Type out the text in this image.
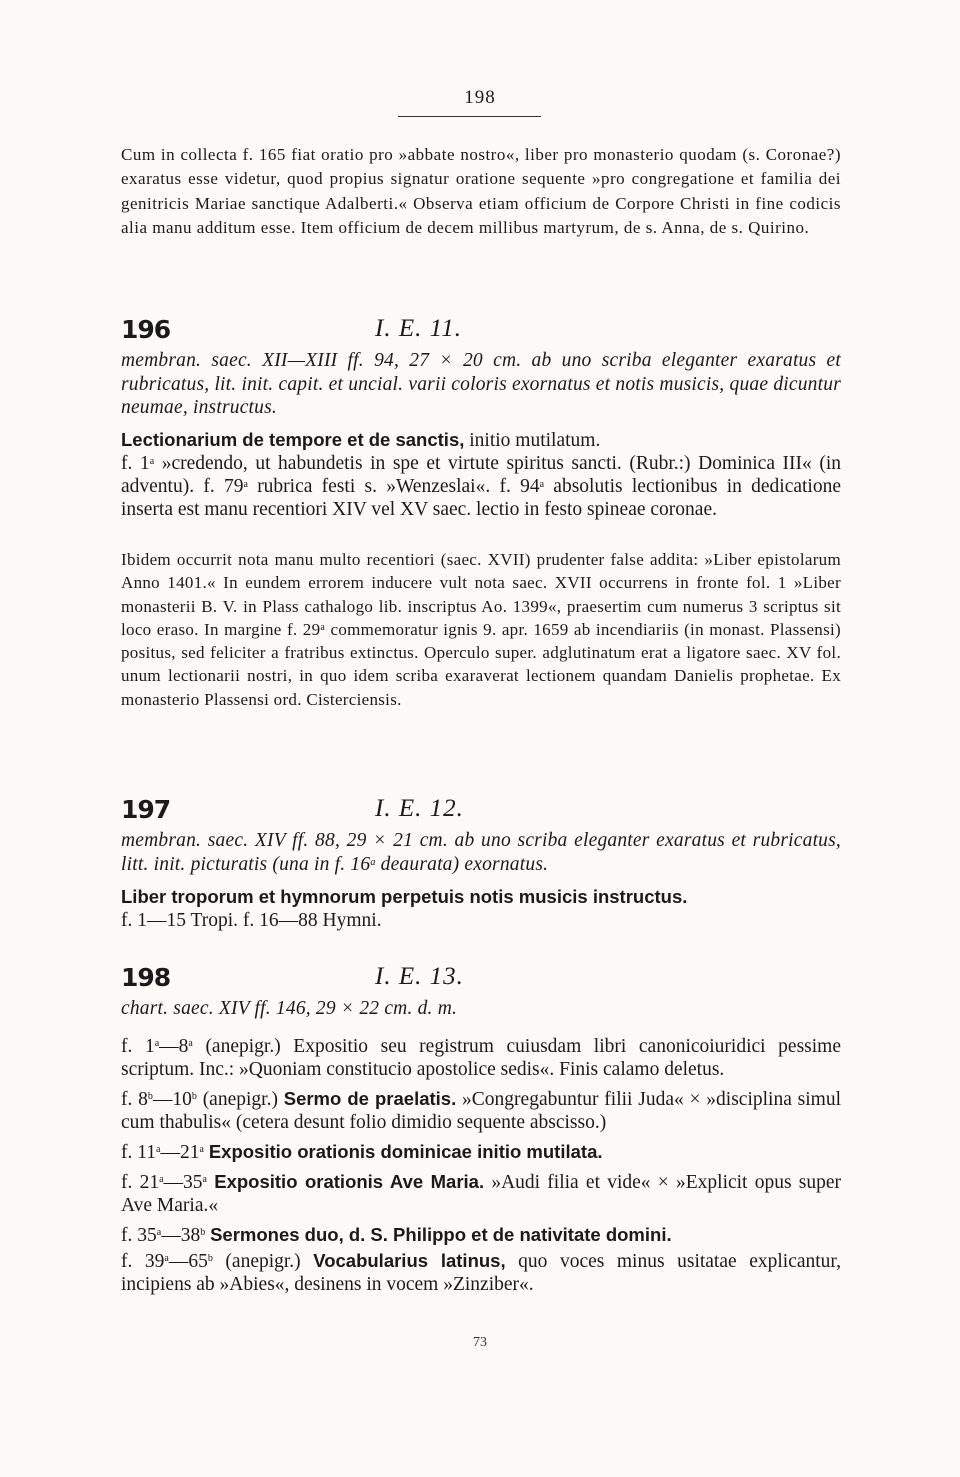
198

Cum in collecta f. 165 fiat oratio pro »abbate nostro«, liber pro monasterio quodam (s. Coronae?) exaratus esse videtur, quod propius signatur oratione sequente »pro congregatione et familia dei genitricis Mariae sanctique Adalberti.« Observa etiam officium de Corpore Christi in fine codicis alia manu additum esse. Item officium de decem millibus martyrum, de s. Anna, de s. Quirino.

196	I. E. 11.

membran. saec. XII—XIII ff. 94, 27 × 20 cm. ab uno scriba eleganter exaratus et rubricatus, lit. init. capit. et uncial. varii coloris exornatus et notis musicis, quae dicuntur neumae, instructus.

Lectionarium de tempore et de sanctis, initio mutilatum.

f. 1$^a$ »credendo, ut habundetis in spe et virtute spiritus sancti. (Rubr.:) Dominica III« (in adventu). f. 79$^a$ rubrica festi s. »Wenzeslai«. f. 94$^a$ absolutis lectionibus in dedicatione inserta est manu recentiori XIV vel XV saec. lectio in festo spineae coronae.

Ibidem occurrit nota manu multo recentiori (saec. XVII) prudenter false addita: »Liber epistolarum Anno 1401.« In eundem errorem inducere vult nota saec. XVII occurrens in fronte fol. 1 »Liber monasterii B. V. in Plass cathalogo lib. inscriptus Ao. 1399«, praesertim cum numerus 3 scriptus sit loco eraso. In margine f. 29$^a$ commemoratur ignis 9. apr. 1659 ab incendiariis (in monast. Plassensi) positus, sed feliciter a fratribus extinctus. Operculo super. adglutinatum erat a ligatore saec. XV fol. unum lectionarii nostri, in quo idem scriba exaraverat lectionem quandam Danielis prophetae. Ex monasterio Plassensi ord. Cisterciensis.

197	I. E. 12.

membran. saec. XIV ff. 88, 29 × 21 cm. ab uno scriba eleganter exaratus et rubricatus, litt. init. picturatis (una in f. 16$^a$ deaurata) exornatus.

Liber troporum et hymnorum perpetuis notis musicis instructus.

f. 1—15 Tropi. f. 16—88 Hymni.

198	I. E. 13.

chart. saec. XIV ff. 146, 29 × 22 cm. d. m.

f. 1$^a$—8$^a$ (anepigr.) Expositio seu registrum cuiusdam libri canonicoiuridici pessime scriptum. Inc.: »Quoniam constitucio apostolice sedis«. Finis calamo deletus.

f. 8$^b$—10$^b$ (anepigr.) Sermo de praelatis. »Congregabuntur filii Juda« × »disciplina simul cum thabulis« (cetera desunt folio dimidio sequente abscisso.)

f. 11$^a$—21$^a$ Expositio orationis dominicae initio mutilata.

f. 21$^a$—35$^a$ Expositio orationis Ave Maria. »Audi filia et vide« × »Explicit opus super Ave Maria.«

f. 35$^a$—38$^b$ Sermones duo, d. S. Philippo et de nativitate domini.

f. 39$^a$—65$^b$ (anepigr.) Vocabularius latinus, quo voces minus usitatae explicantur, incipiens ab »Abies«, desinens in vocem »Zinziber«.

73
